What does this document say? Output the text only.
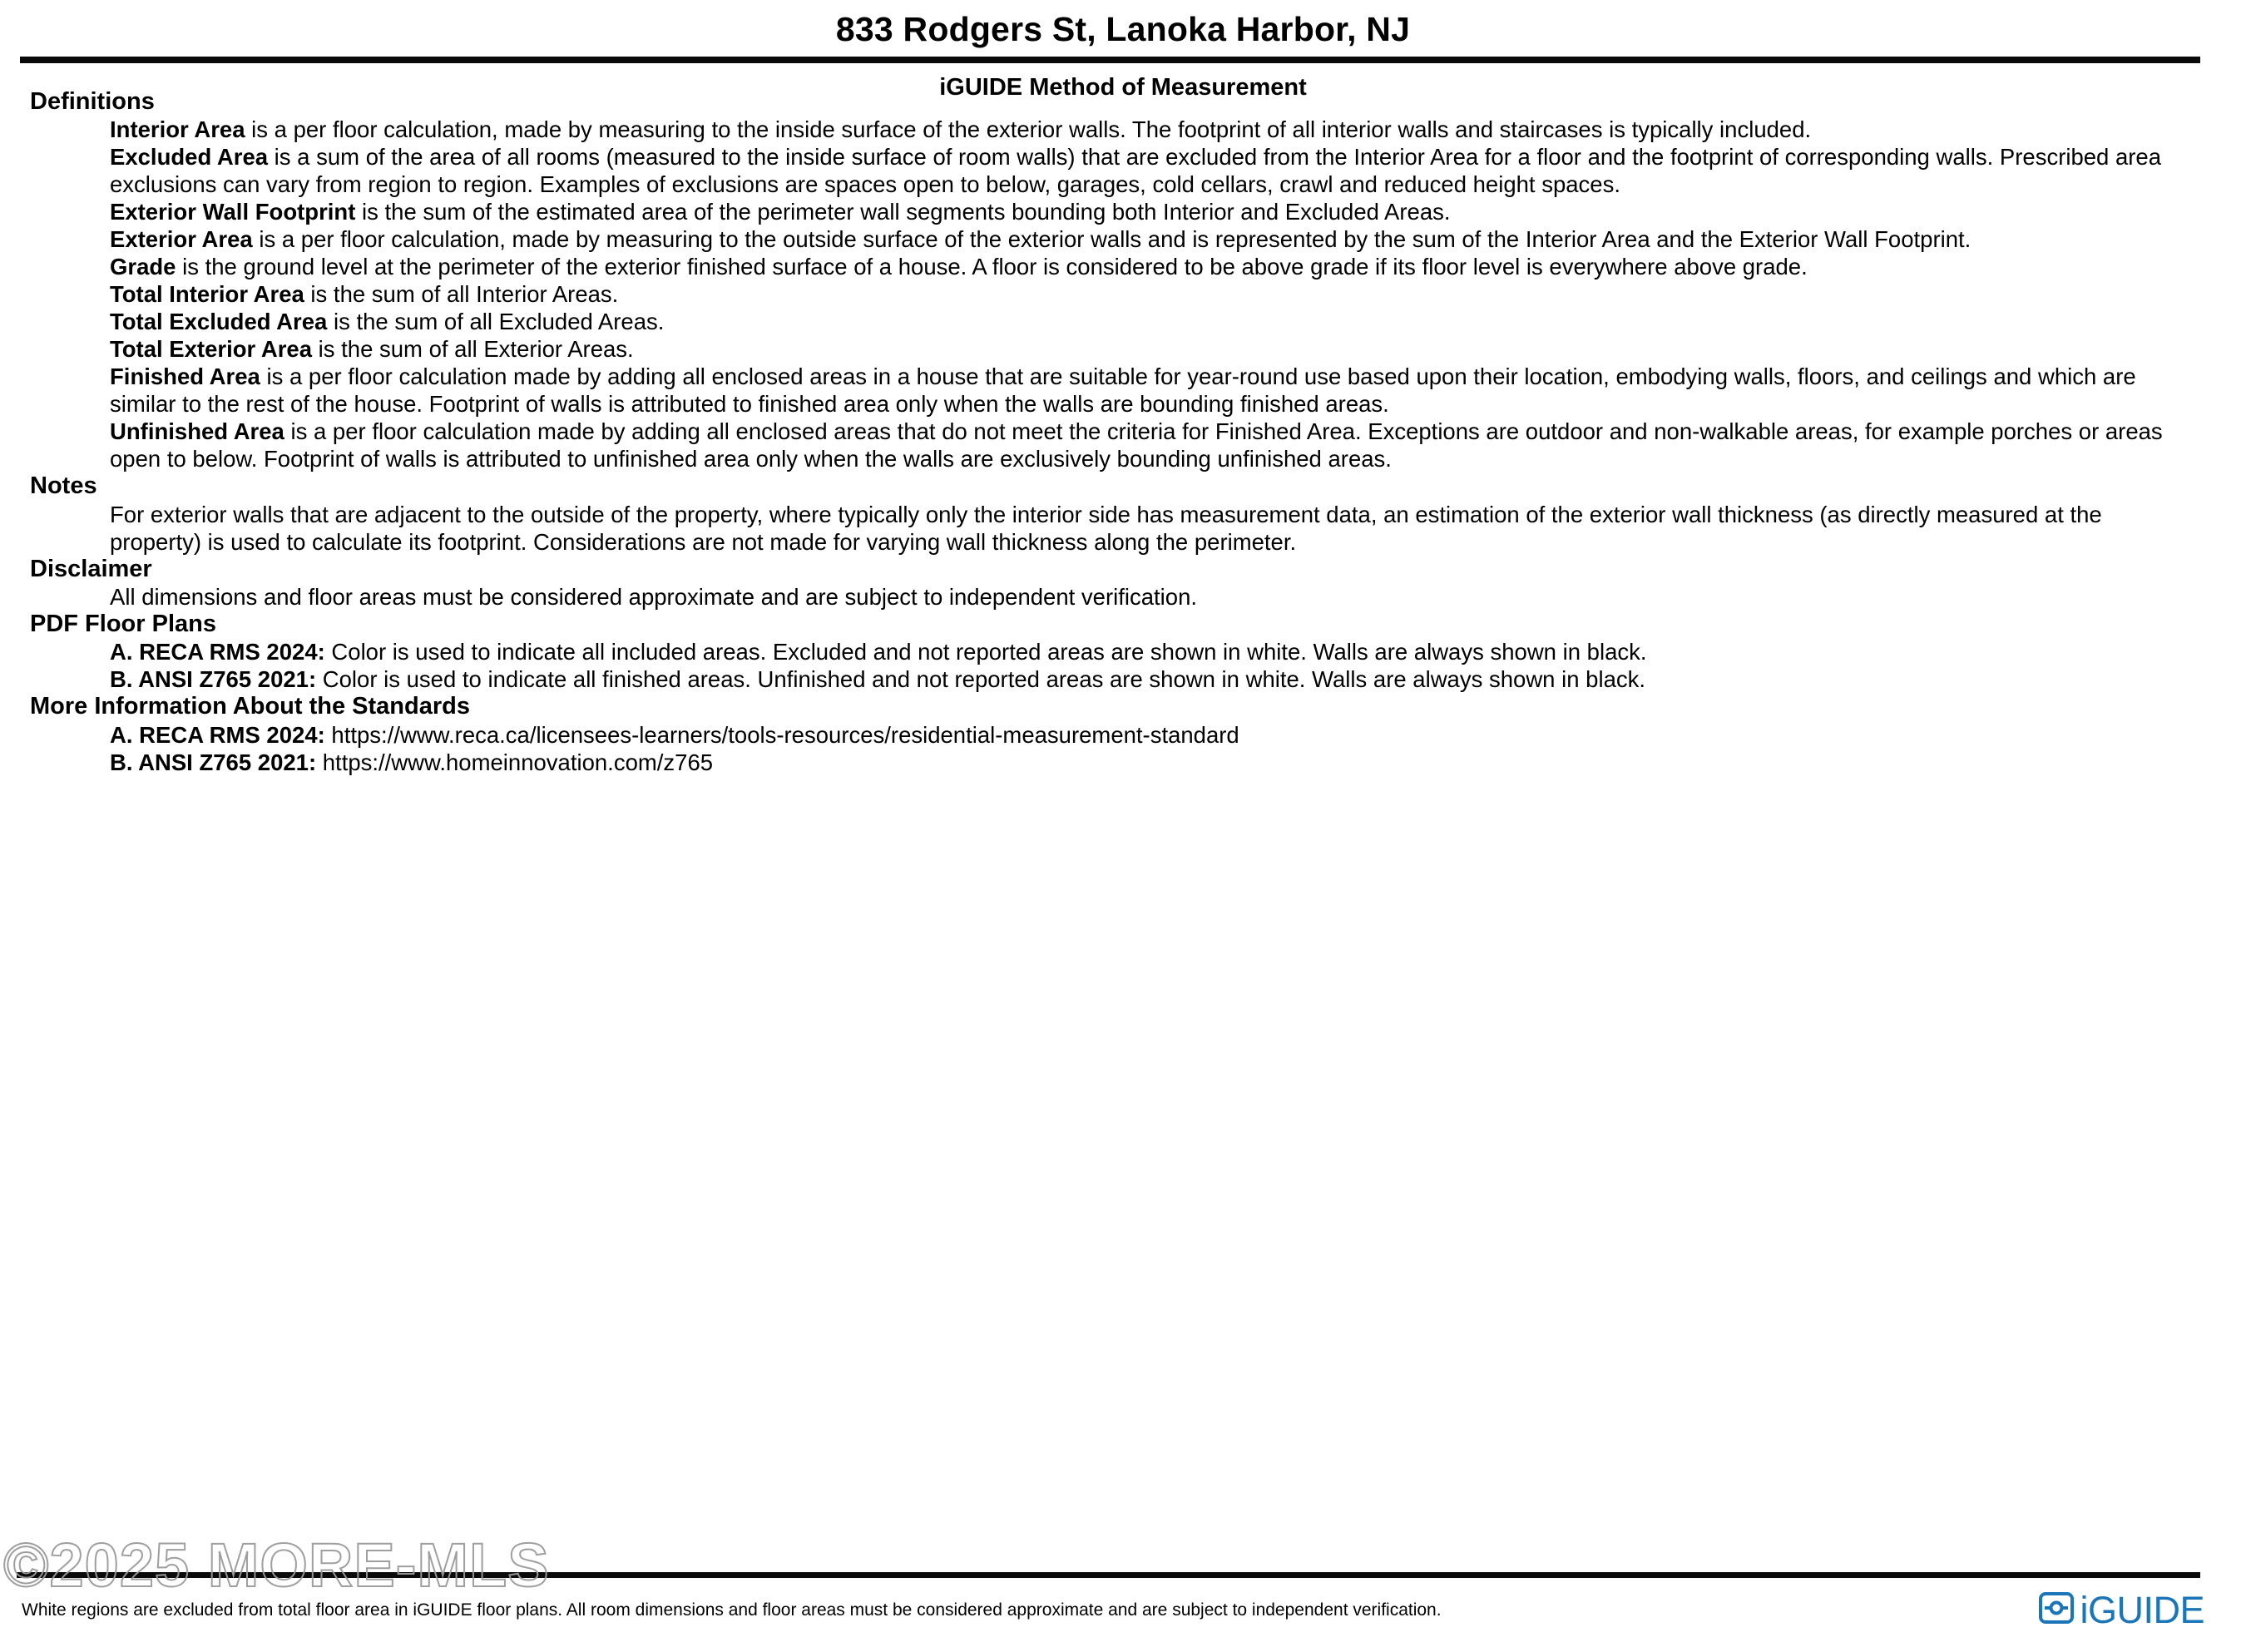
833 Rodgers St, Lanoka Harbor, NJ
iGUIDE Method of Measurement
Definitions

Interior Area is a per floor calculation, made by measuring to the inside surface of the exterior walls. The footprint of all interior walls and staircases is typically included.

Excluded Area is a sum of the area of all rooms (measured to the inside surface of room walls) that are excluded from the Interior Area for a floor and the footprint of corresponding walls. Prescribed area exclusions can vary from region to region. Examples of exclusions are spaces open to below, garages, cold cellars, crawl and reduced height spaces.

Exterior Wall Footprint is the sum of the estimated area of the perimeter wall segments bounding both Interior and Excluded Areas.

Exterior Area is a per floor calculation, made by measuring to the outside surface of the exterior walls and is represented by the sum of the Interior Area and the Exterior Wall Footprint.

Grade is the ground level at the perimeter of the exterior finished surface of a house. A floor is considered to be above grade if its floor level is everywhere above grade.

Total Interior Area is the sum of all Interior Areas.

Total Excluded Area is the sum of all Excluded Areas.

Total Exterior Area is the sum of all Exterior Areas.

Finished Area is a per floor calculation made by adding all enclosed areas in a house that are suitable for year-round use based upon their location, embodying walls, floors, and ceilings and which are similar to the rest of the house. Footprint of walls is attributed to finished area only when the walls are bounding finished areas.

Unfinished Area is a per floor calculation made by adding all enclosed areas that do not meet the criteria for Finished Area. Exceptions are outdoor and non-walkable areas, for example porches or areas open to below. Footprint of walls is attributed to unfinished area only when the walls are exclusively bounding unfinished areas.

Notes

For exterior walls that are adjacent to the outside of the property, where typically only the interior side has measurement data, an estimation of the exterior wall thickness (as directly measured at the property) is used to calculate its footprint. Considerations are not made for varying wall thickness along the perimeter.

Disclaimer

All dimensions and floor areas must be considered approximate and are subject to independent verification.

PDF Floor Plans

A. RECA RMS 2024: Color is used to indicate all included areas. Excluded and not reported areas are shown in white. Walls are always shown in black.

B. ANSI Z765 2021: Color is used to indicate all finished areas. Unfinished and not reported areas are shown in white. Walls are always shown in black.

More Information About the Standards

A. RECA RMS 2024: https://www.reca.ca/licensees-learners/tools-resources/residential-measurement-standard

B. ANSI Z765 2021: https://www.homeinnovation.com/z765

©2025 MORE-MLS
White regions are excluded from total floor area in iGUIDE floor plans. All room dimensions and floor areas must be considered approximate and are subject to independent verification.	iGUIDE
